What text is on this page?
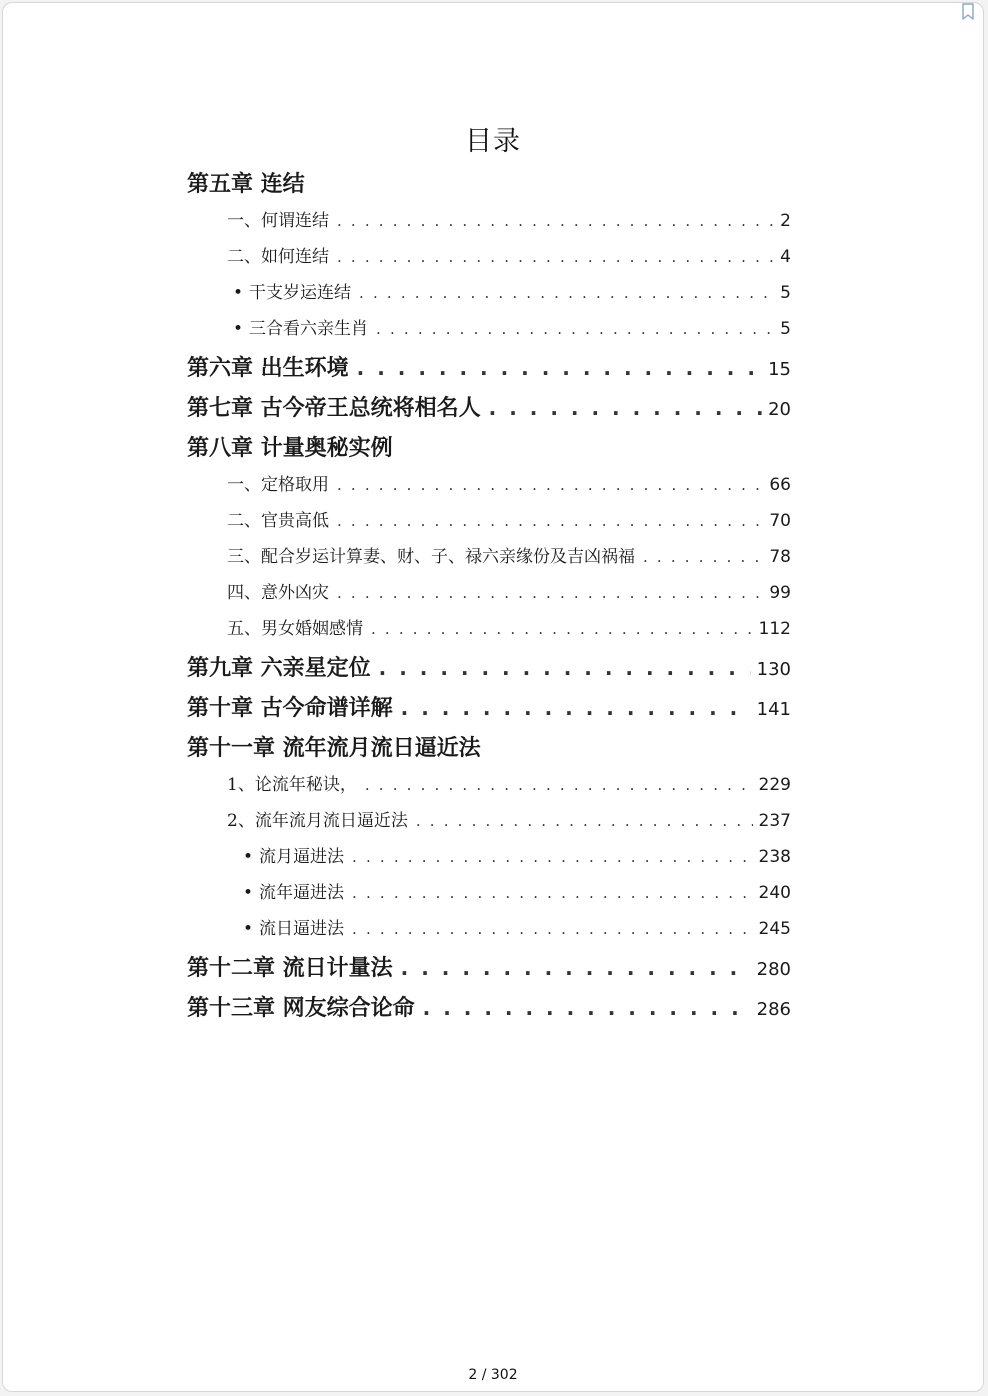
目录
第五章 连结
一、何谓连结 . . .	2
二、如何连结 . . .	4
• 干支岁运连结 . . .	5
• 三合看六亲生肖 . . .	5
第六章 出生环境 . . .	15
第七章 古今帝王总统将相名人 . . .	20
第八章 计量奥秘实例
一、定格取用 . . .	66
二、官贵高低 . . .	70
三、配合岁运计算妻、财、子、禄六亲缘份及吉凶祸福 . . .	78
四、意外凶灾 . . .	99
五、男女婚姻感情 . . .	112
第九章 六亲星定位 . . .	130
第十章 古今命谱详解 . . .	141
第十一章 流年流月流日逼近法
1、论流年秘诀， . . .	229
2、流年流月流日逼近法 . . .	237
• 流月逼进法 . . .	238
• 流年逼进法 . . .	240
• 流日逼进法 . . .	245
第十二章 流日计量法 . . .	280
第十三章 网友综合论命 . . .	286
2 / 302
